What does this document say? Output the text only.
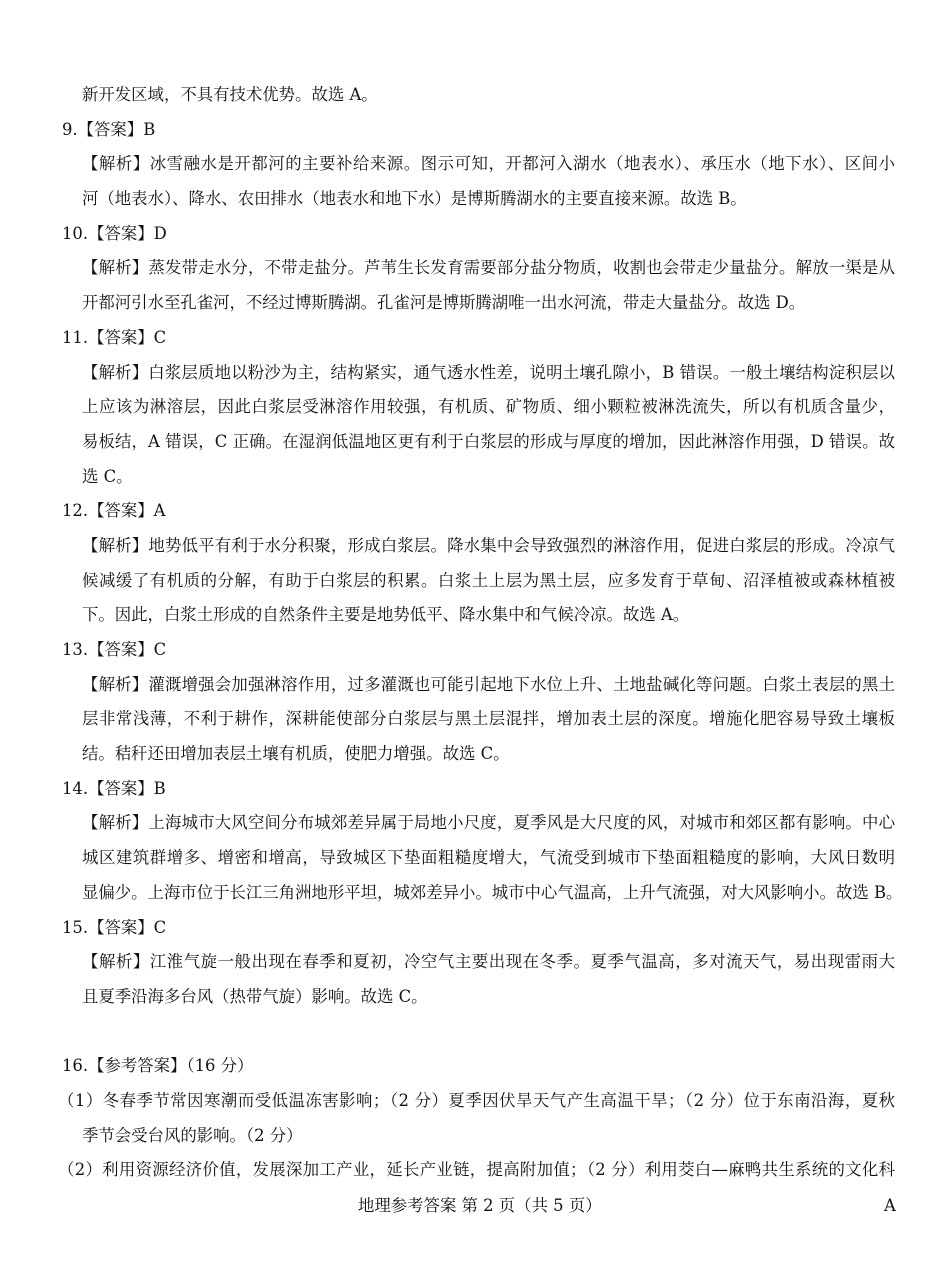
新开发区域，不具有技术优势。故选 A。
9.【答案】B
【解析】冰雪融水是开都河的主要补给来源。图示可知，开都河入湖水（地表水）、承压水（地下水）、区间小
河（地表水）、降水、农田排水（地表水和地下水）是博斯腾湖水的主要直接来源。故选 B。
10.【答案】D
【解析】蒸发带走水分，不带走盐分。芦苇生长发育需要部分盐分物质，收割也会带走少量盐分。解放一渠是从
开都河引水至孔雀河，不经过博斯腾湖。孔雀河是博斯腾湖唯一出水河流，带走大量盐分。故选 D。
11.【答案】C
【解析】白浆层质地以粉沙为主，结构紧实，通气透水性差，说明土壤孔隙小，B 错误。一般土壤结构淀积层以
上应该为淋溶层，因此白浆层受淋溶作用较强，有机质、矿物质、细小颗粒被淋洗流失，所以有机质含量少，
易板结，A 错误，C 正确。在湿润低温地区更有利于白浆层的形成与厚度的增加，因此淋溶作用强，D 错误。故
选 C。
12.【答案】A
【解析】地势低平有利于水分积聚，形成白浆层。降水集中会导致强烈的淋溶作用，促进白浆层的形成。冷凉气
候减缓了有机质的分解，有助于白浆层的积累。白浆土上层为黑土层，应多发育于草甸、沼泽植被或森林植被
下。因此，白浆土形成的自然条件主要是地势低平、降水集中和气候冷凉。故选 A。
13.【答案】C
【解析】灌溉增强会加强淋溶作用，过多灌溉也可能引起地下水位上升、土地盐碱化等问题。白浆土表层的黑土
层非常浅薄，不利于耕作，深耕能使部分白浆层与黑土层混拌，增加表土层的深度。增施化肥容易导致土壤板
结。秸秆还田增加表层土壤有机质，使肥力增强。故选 C。
14.【答案】B
【解析】上海城市大风空间分布城郊差异属于局地小尺度，夏季风是大尺度的风，对城市和郊区都有影响。中心
城区建筑群增多、增密和增高，导致城区下垫面粗糙度增大，气流受到城市下垫面粗糙度的影响，大风日数明
显偏少。上海市位于长江三角洲地形平坦，城郊差异小。城市中心气温高，上升气流强，对大风影响小。故选 B。
15.【答案】C
【解析】江淮气旋一般出现在春季和夏初，冷空气主要出现在冬季。夏季气温高，多对流天气，易出现雷雨大
且夏季沿海多台风（热带气旋）影响。故选 C。
16.【参考答案】（16 分）
（1）冬春季节常因寒潮而受低温冻害影响；（2 分）夏季因伏旱天气产生高温干旱；（2 分）位于东南沿海，夏秋
季节会受台风的影响。（2 分）
（2）利用资源经济价值，发展深加工产业，延长产业链，提高附加值；（2 分）利用茭白—麻鸭共生系统的文化科
地理参考答案 第 2 页（共 5 页）	A
